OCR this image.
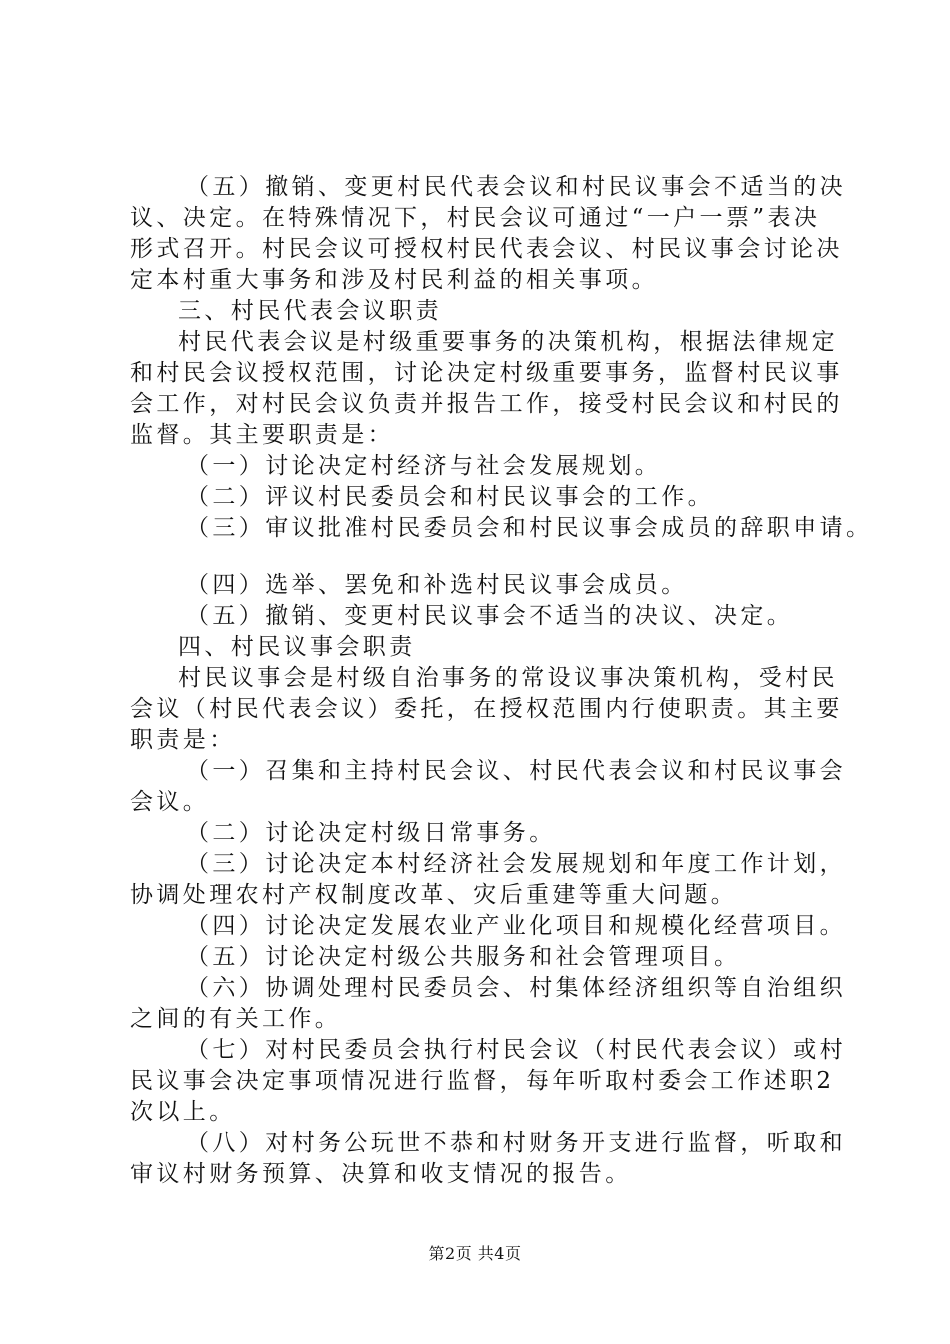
（五）撤销、变更村民代表会议和村民议事会不适当的决
议、决定。在特殊情况下，村民会议可通过“一户一票”表决
形式召开。村民会议可授权村民代表会议、村民议事会讨论决
定本村重大事务和涉及村民利益的相关事项。
三、村民代表会议职责
村民代表会议是村级重要事务的决策机构，根据法律规定
和村民会议授权范围，讨论决定村级重要事务，监督村民议事
会工作，对村民会议负责并报告工作，接受村民会议和村民的
监督。其主要职责是：
（一）讨论决定村经济与社会发展规划。
（二）评议村民委员会和村民议事会的工作。
（三）审议批准村民委员会和村民议事会成员的辞职申请。
（四）选举、罢免和补选村民议事会成员。
（五）撤销、变更村民议事会不适当的决议、决定。
四、村民议事会职责
村民议事会是村级自治事务的常设议事决策机构，受村民
会议（村民代表会议）委托，在授权范围内行使职责。其主要
职责是：
（一）召集和主持村民会议、村民代表会议和村民议事会
会议。
（二）讨论决定村级日常事务。
（三）讨论决定本村经济社会发展规划和年度工作计划，
协调处理农村产权制度改革、灾后重建等重大问题。
（四）讨论决定发展农业产业化项目和规模化经营项目。
（五）讨论决定村级公共服务和社会管理项目。
（六）协调处理村民委员会、村集体经济组织等自治组织
之间的有关工作。
（七）对村民委员会执行村民会议（村民代表会议）或村
民议事会决定事项情况进行监督，每年听取村委会工作述职2
次以上。
（八）对村务公玩世不恭和村财务开支进行监督，听取和
审议村财务预算、决算和收支情况的报告。
第2页 共4页
